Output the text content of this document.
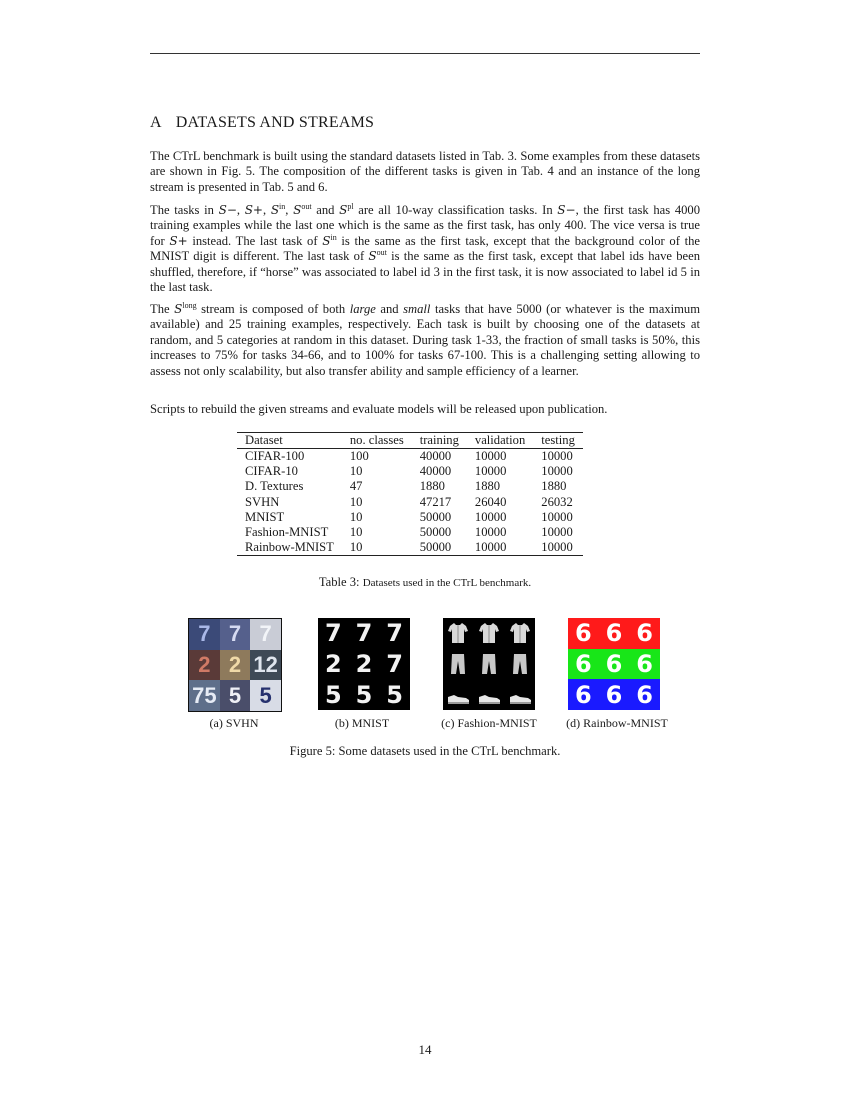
A DATASETS AND STREAMS
The CTrL benchmark is built using the standard datasets listed in Tab. 3. Some examples from these datasets are shown in Fig. 5. The composition of the different tasks is given in Tab. 4 and an instance of the long stream is presented in Tab. 5 and 6.
The tasks in S−, S+, $S^{in}$, $S^{out}$ and $S^{pl}$ are all 10-way classification tasks. In S−, the first task has 4000 training examples while the last one which is the same as the first task, has only 400. The vice versa is true for S+ instead. The last task of $S^{in}$ is the same as the first task, except that the background color of the MNIST digit is different. The last task of $S^{out}$ is the same as the first task, except that label ids have been shuffled, therefore, if “horse” was associated to label id 3 in the first task, it is now associated to label id 5 in the last task.
The $S^{long}$ stream is composed of both large and small tasks that have 5000 (or whatever is the maximum available) and 25 training examples, respectively. Each task is built by choosing one of the datasets at random, and 5 categories at random in this dataset. During task 1-33, the fraction of small tasks is 50%, this increases to 75% for tasks 34-66, and to 100% for tasks 67-100. This is a challenging setting allowing to assess not only scalability, but also transfer ability and sample efficiency of a learner.
Scripts to rebuild the given streams and evaluate models will be released upon publication.
Dataset	no. classes	training	validation	testing
CIFAR-100	100	40000	10000	10000
CIFAR-10	10	40000	10000	10000
D. Textures	47	1880	1880	1880
SVHN	10	47217	26040	26032
MNIST	10	50000	10000	10000
Fashion-MNIST	10	50000	10000	10000
Rainbow-MNIST	10	50000	10000	10000
Table 3: Datasets used in the CTrL benchmark.
7 7 7
2 2 12
75 5 5
7 7 7
2 2 7
5 5 5
6 6 6
6 6 6
6 6 6
(a) SVHN	(b) MNIST	(c) Fashion-MNIST	(d) Rainbow-MNIST
Figure 5: Some datasets used in the CTrL benchmark.
14
